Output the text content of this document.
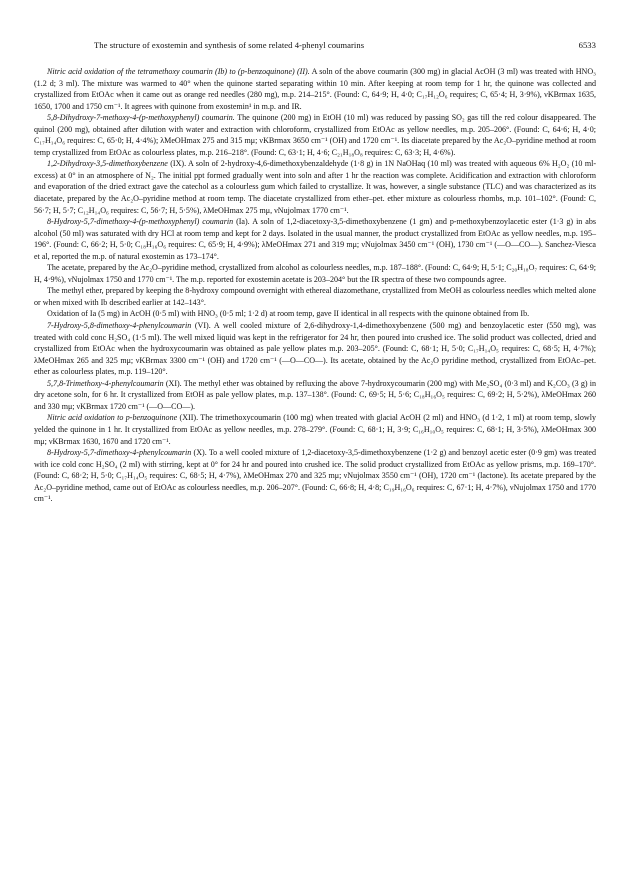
The structure of exostemin and synthesis of some related 4-phenyl coumarins	6533

Nitric acid oxidation of the tetramethoxy coumarin (Ib) to (p-benzoquinone) (II). A soln of the above coumarin (300 mg) in glacial AcOH (3 ml) was treated with HNO₃ (1.2 d; 3 ml). The mixture was warmed to 40° when the quinone started separating within 10 min. After keeping at room temp for 1 hr, the quinone was collected and crystallized from EtOAc when it came out as orange red needles (280 mg), m.p. 214–215°. (Found: C, 64·9; H, 4·0; C₁₇H₁₂O₆ requires; C, 65·4; H, 3·9%), νKBrmax 1635, 1650, 1700 and 1750 cm⁻¹. It agrees with quinone from exostemin¹ in m.p. and IR.

5,8-Dihydroxy-7-methoxy-4-(p-methoxyphenyl) coumarin. The quinone (200 mg) in EtOH (10 ml) was reduced by passing SO₂ gas till the red colour disappeared. The quinol (200 mg), obtained after dilution with water and extraction with chloroform, crystallized from EtOAc as yellow needles, m.p. 205–206°. (Found: C, 64·6; H, 4·0; C₁₇H₁₄O₆ requires: C, 65·0; H, 4·4%); λMeOHmax 275 and 315 mμ; νKBrmax 3650 cm⁻¹ (OH) and 1720 cm⁻¹. Its diacetate prepared by the Ac₂O–pyridine method at room temp crystallized from EtOAc as colourless plates, m.p. 216–218°. (Found: C, 63·1; H, 4·6; C₂₁H₁₈O₈ requires: C, 63·3; H, 4·6%).

1,2-Dihydroxy-3,5-dimethoxybenzene (IX). A soln of 2-hydroxy-4,6-dimethoxybenzaldehyde (1·8 g) in 1N NaOHaq (10 ml) was treated with aqueous 6% H₂O₂ (10 ml-excess) at 0° in an atmosphere of N₂. The initial ppt formed gradually went into soln and after 1 hr the reaction was complete. Acidification and extraction with chloroform and evaporation of the dried extract gave the catechol as a colourless gum which failed to crystallize. It was, however, a single substance (TLC) and was characterized as its diacetate, prepared by the Ac₂O–pyridine method at room temp. The diacetate crystallized from ether–pet. ether mixture as colourless rhombs, m.p. 101–102°. (Found: C, 56·7; H, 5·7; C₁₂H₁₄O₆ requires: C, 56·7; H, 5·5%), λMeOHmax 275 mμ, νNujolmax 1770 cm⁻¹.

8-Hydroxy-5,7-dimethoxy-4-(p-methoxyphenyl) coumarin (Ia). A soln of 1,2-diacetoxy-3,5-dimethoxybenzene (1 gm) and p-methoxybenzoylacetic ester (1·3 g) in abs alcohol (50 ml) was saturated with dry HCl at room temp and kept for 2 days. Isolated in the usual manner, the product crystallized from EtOAc as yellow needles, m.p. 195–196°. (Found: C, 66·2; H, 5·0; C₁₈H₁₆O₆ requires: C, 65·9; H, 4·9%); λMeOHmax 271 and 319 mμ; νNujolmax 3450 cm⁻¹ (OH), 1730 cm⁻¹ (—O—CO—). Sanchez-Viesca et al, reported the m.p. of natural exostemin as 173–174°.

The acetate, prepared by the Ac₂O–pyridine method, crystallized from alcohol as colourless needles, m.p. 187–188°. (Found: C, 64·9; H, 5·1; C₂₀H₁₈O₇ requires: C, 64·9; H, 4·9%), νNujolmax 1750 and 1770 cm⁻¹. The m.p. reported for exostemin acetate is 203–204° but the IR spectra of these two compounds agree.

The methyl ether, prepared by keeping the 8-hydroxy compound overnight with ethereal diazomethane, crystallized from MeOH as colourless needles which melted alone or when mixed with Ib described earlier at 142–143°.

Oxidation of Ia (5 mg) in AcOH (0·5 ml) with HNO₃ (0·5 ml; 1·2 d) at room temp, gave II identical in all respects with the quinone obtained from Ib.

7-Hydroxy-5,8-dimethoxy-4-phenylcoumarin (VI). A well cooled mixture of 2,6-dihydroxy-1,4-dimethoxybenzene (500 mg) and benzoylacetic ester (550 mg), was treated with cold conc H₂SO₄ (1·5 ml). The well mixed liquid was kept in the refrigerator for 24 hr, then poured into crushed ice. The solid product was collected, dried and crystallized from EtOAc when the hydroxycoumarin was obtained as pale yellow plates m.p. 203–205°. (Found: C, 68·1; H, 5·0; C₁₇H₁₄O₅ requires: C, 68·5; H, 4·7%); λMeOHmax 265 and 325 mμ; νKBrmax 3300 cm⁻¹ (OH) and 1720 cm⁻¹ (—O—CO—). Its acetate, obtained by the Ac₂O pyridine method, crystallized from EtOAc–pet. ether as colourless plates, m.p. 119–120°.

5,7,8-Trimethoxy-4-phenylcoumarin (XI). The methyl ether was obtained by refluxing the above 7-hydroxycoumarin (200 mg) with Me₂SO₄ (0·3 ml) and K₂CO₃ (3 g) in dry acetone soln, for 6 hr. It crystallized from EtOH as pale yellow plates, m.p. 137–138°. (Found: C, 69·5; H, 5·6; C₁₈H₁₆O₅ requires: C, 69·2; H, 5·2%), λMeOHmax 260 and 330 mμ; νKBrmax 1720 cm⁻¹ (—O—CO—).

Nitric acid oxidation to p-benzoquinone (XII). The trimethoxycoumarin (100 mg) when treated with glacial AcOH (2 ml) and HNO₃ (d 1·2, 1 ml) at room temp, slowly yelded the quinone in 1 hr. It crystallized from EtOAc as yellow needles, m.p. 278–279°. (Found: C, 68·1; H, 3·9; C₁₆H₁₀O₅ requires: C, 68·1; H, 3·5%), λMeOHmax 300 mμ; νKBrmax 1630, 1670 and 1720 cm⁻¹.

8-Hydroxy-5,7-dimethoxy-4-phenylcoumarin (X). To a well cooled mixture of 1,2-diacetoxy-3,5-dimethoxybenzene (1·2 g) and benzoyl acetic ester (0·9 gm) was treated with ice cold conc H₂SO₄ (2 ml) with stirring, kept at 0° for 24 hr and poured into crushed ice. The solid product crystallized from EtOAc as yellow prisms, m.p. 169–170°. (Found: C, 68·2; H, 5·0; C₁₇H₁₄O₅ requires: C, 68·5; H, 4·7%), λMeOHmax 270 and 325 mμ; νNujolmax 3550 cm⁻¹ (OH), 1720 cm⁻¹ (lactone). Its acetate prepared by the Ac₂O–pyridine method, came out of EtOAc as colourless needles, m.p. 206–207°. (Found: C, 66·8; H, 4·8; C₁₉H₁₆O₆ requires: C, 67·1; H, 4·7%), νNujolmax 1750 and 1770 cm⁻¹.
